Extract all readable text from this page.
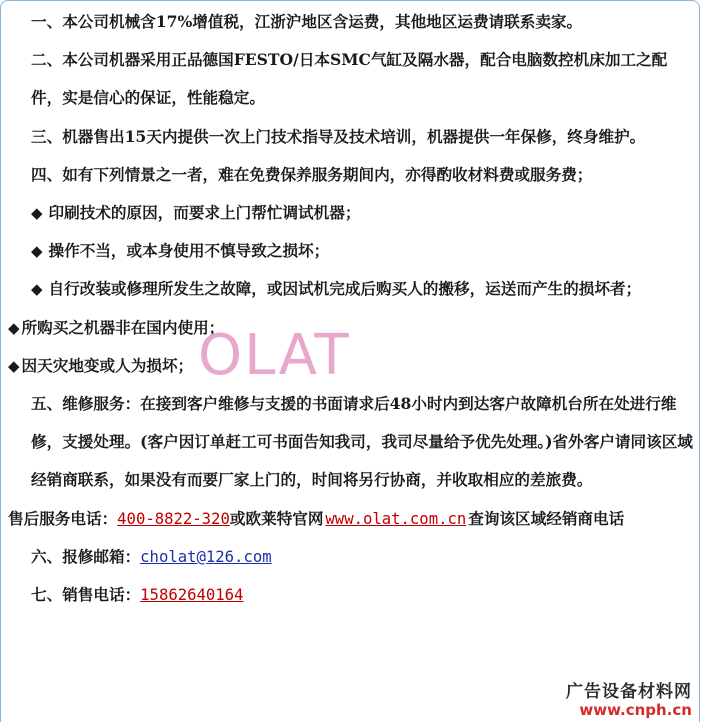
一、本公司机械含17%增值税，江浙沪地区含运费，其他地区运费请联系卖家。

二、本公司机器采用正品德国FESTO/日本SMC气缸及隔水器，配合电脑数控机床加工之配件，实是信心的保证，性能稳定。

三、机器售出15天内提供一次上门技术指导及技术培训，机器提供一年保修，终身维护。

四、如有下列情景之一者，难在免费保养服务期间内，亦得酌收材料费或服务费；

◆ 印刷技术的原因，而要求上门帮忙调试机器；

◆ 操作不当，或本身使用不慎导致之损坏；

◆ 自行改装或修理所发生之故障，或因试机完成后购买人的搬移，运送而产生的损坏者；

◆ 所购买之机器非在国内使用；

◆ 因天灾地变或人为损坏；

五、维修服务：在接到客户维修与支援的书面请求后48小时内到达客户故障机台所在处进行维修，支援处理。(客户因订单赶工可书面告知我司，我司尽量给予优先处理。)省外客户请同该区域经销商联系，如果没有而要厂家上门的，时间将另行协商，并收取相应的差旅费。

售后服务电话：400-8822-320或欧莱特官网 www.olat.com.cn 查询该区域经销商电话

六、报修邮箱：cholat@126.com

七、销售电话：15862640164

OLAT
广告设备材料网
www.cnph.cn
